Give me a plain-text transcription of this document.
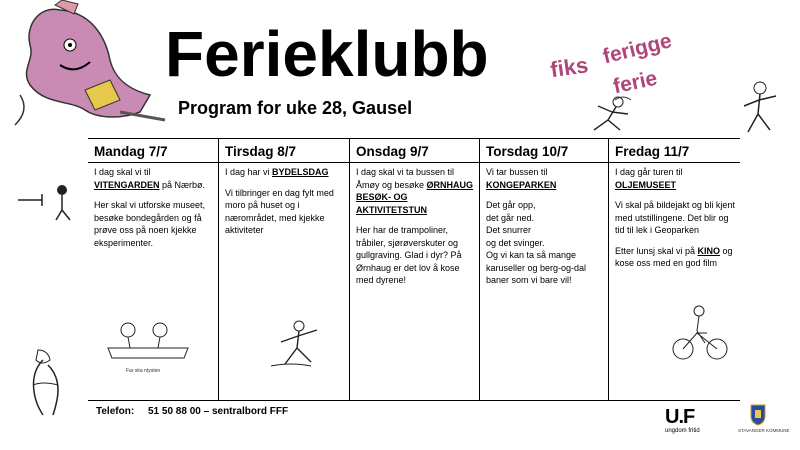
Ferieklubb
Program for uke 28, Gausel
fiks ferigge
ferie
Mandag 7/7

I dag skal vi til VITENGARDEN på Nærbø.

Her skal vi utforske museet, besøke bondegården og få prøve oss på noen kjekke eksperimenter.

Far ska ntysten
Tirsdag 8/7

I dag har vi BYDELSDAG

Vi tilbringer en dag fylt med moro på huset og i nærområdet, med kjekke aktiviteter

Onsdag 9/7

I dag skal vi ta bussen til Åmøy og besøke ØRNHAUG BESØK- OG AKTIVITETSTUN

Her har de trampoliner, tråbiler, sjørøverskuter og gullgraving. Glad i dyr? På Ørnhaug er det lov å kose med dyrene!

Torsdag 10/7

Vi tar bussen til KONGEPARKEN

Det går opp,
det går ned.
Det snurrer
og det svinger.
Og vi kan ta så mange karuseller og berg-og-dal baner som vi bare vil!

Fredag 11/7

I dag går turen til OLJEMUSEET

Vi skal på bildejakt og bli kjent med utstillingene. Det blir og tid til lek i Geoparken

Etter lunsj skal vi på KINO og kose oss med en god film

Telefon: 51 50 88 00 – sentralbord FFF	U.F
ungdom fritid	STAVANGER KOMMUNE
